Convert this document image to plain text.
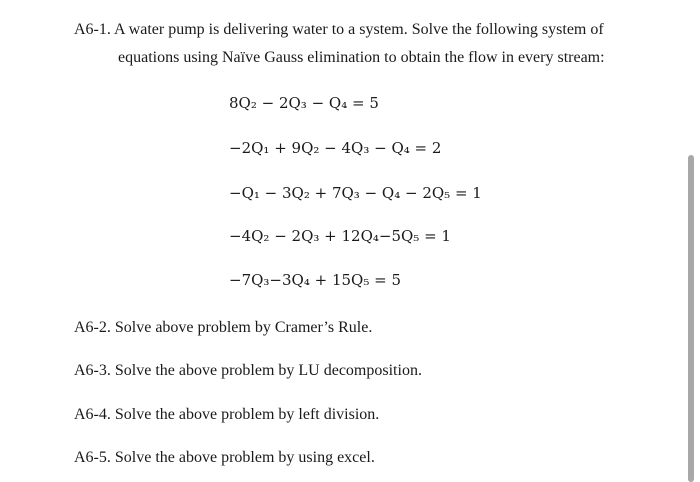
A6-1. A water pump is delivering water to a system. Solve the following system of
equations using Naïve Gauss elimination to obtain the flow in every stream:
8Q₂ − 2Q₃ − Q₄ = 5
−2Q₁ + 9Q₂ − 4Q₃ − Q₄ = 2
−Q₁ − 3Q₂ + 7Q₃ − Q₄ − 2Q₅ = 1
−4Q₂ − 2Q₃ + 12Q₄−5Q₅ = 1
−7Q₃−3Q₄ + 15Q₅ = 5
A6-2. Solve above problem by Cramer’s Rule.
A6-3. Solve the above problem by LU decomposition.
A6-4. Solve the above problem by left division.
A6-5. Solve the above problem by using excel.
